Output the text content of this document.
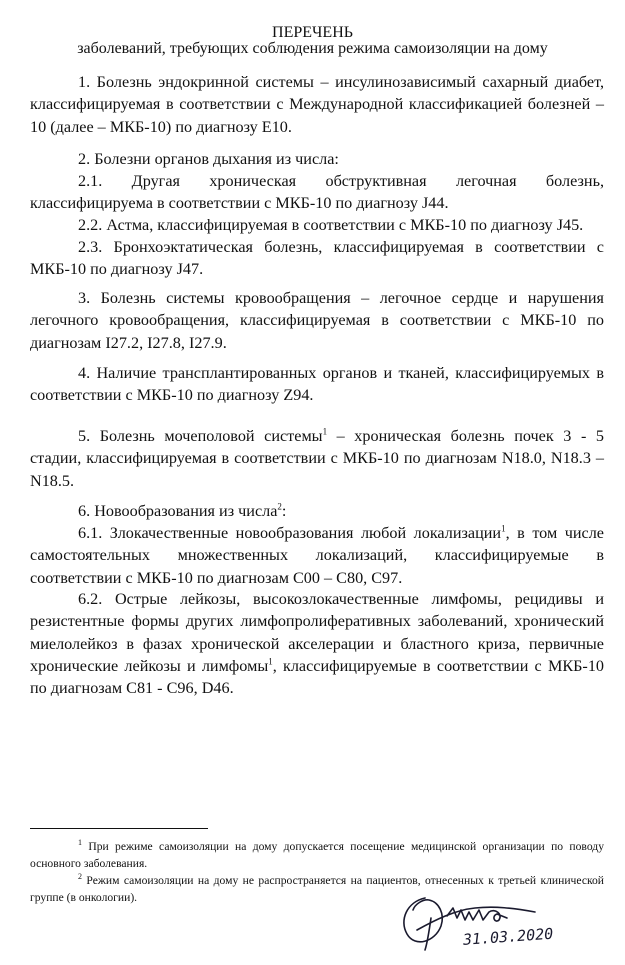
ПЕРЕЧЕНЬ
заболеваний, требующих соблюдения режима самоизоляции на дому

1. Болезнь эндокринной системы – инсулинозависимый сахарный диабет, классифицируемая в соответствии с Международной классификацией болезней – 10 (далее – МКБ-10) по диагнозу E10.

2. Болезни органов дыхания из числа:

2.1. Другая хроническая обструктивная легочная болезнь, классифицируема в соответствии с МКБ-10 по диагнозу J44.

2.2. Астма, классифицируемая в соответствии с МКБ-10 по диагнозу J45.

2.3. Бронхоэктатическая болезнь, классифицируемая в соответствии с МКБ-10 по диагнозу J47.

3. Болезнь системы кровообращения – легочное сердце и нарушения легочного кровообращения, классифицируемая в соответствии с МКБ-10 по диагнозам I27.2, I27.8, I27.9.

4. Наличие трансплантированных органов и тканей, классифицируемых в соответствии с МКБ-10 по диагнозу Z94.

5. Болезнь мочеполовой системы$^1$ – хроническая болезнь почек 3 - 5 стадии, классифицируемая в соответствии с МКБ-10 по диагнозам N18.0, N18.3 – N18.5.

6. Новообразования из числа$^2$:

6.1. Злокачественные новообразования любой локализации$^1$, в том числе самостоятельных множественных локализаций, классифицируемые в соответствии с МКБ-10 по диагнозам C00 – C80, C97.

6.2. Острые лейкозы, высокозлокачественные лимфомы, рецидивы и резистентные формы других лимфопролиферативных заболеваний, хронический миелолейкоз в фазах хронической акселерации и бластного криза, первичные хронические лейкозы и лимфомы$^1$, классифицируемые в соответствии с МКБ-10 по диагнозам C81 - C96, D46.

$^1$ При режиме самоизоляции на дому допускается посещение медицинской организации по поводу основного заболевания.

$^2$ Режим самоизоляции на дому не распространяется на пациентов, отнесенных к третьей клинической группе (в онкологии).

31.03.2020
